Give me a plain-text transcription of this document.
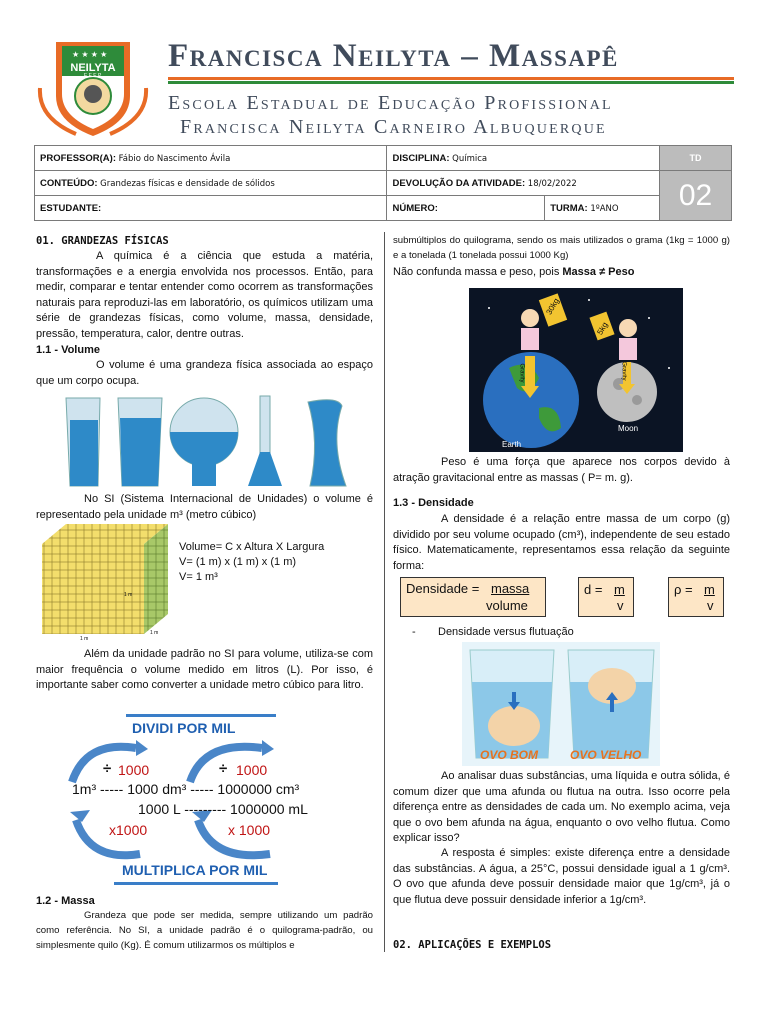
★ ★ ★ ★
NEILYTA
E.E.E.P.
Francisca Neilyta – Massapê
Escola Estadual de Educação Profissional
Francisca Neilyta Carneiro Albuquerque
PROFESSOR(A): Fábio do Nascimento Ávila	DISCIPLINA: Química		TD
CONTEÚDO: Grandezas físicas e densidade de sólidos	DEVOLUÇÃO DA ATIVIDADE: 18/02/2022		02
ESTUDANTE:	NÚMERO:	TURMA: 1ºANO	
01. GRANDEZAS FÍSICAS
A química é a ciência que estuda a matéria, transformações e a energia envolvida nos processos. Então, para medir, comparar e tentar entender como ocorrem as transformações naturais para reproduzi-las em laboratório, os químicos utilizam uma série de grandezas físicas, como volume, massa, densidade, pressão, temperatura, calor, dentre outras.
1.1 - Volume
O volume é uma grandeza física associada ao espaço que um corpo ocupa.
No SI (Sistema Internacional de Unidades) o volume é representado pela unidade m³ (metro cúbico)
1 m
1 m
1 m
Volume= C x Altura X Largura
V= (1 m) x (1 m) x (1 m)
V= 1 m³
Além da unidade padrão no SI para volume, utiliza-se com maior frequência o volume medido em litros (L). Por isso, é importante saber como converter a unidade metro cúbico para litro.
DIVIDI POR MIL
÷ 1000	÷ 1000
1m³ ----- 1000 dm³ ----- 1000000 cm³
1000 L --------- 1000000 mL
x1000	x 1000
MULTIPLICA POR MIL
1.2 - Massa
Grandeza que pode ser medida, sempre utilizando um padrão como referência. No SI, a unidade padrão é o quilograma-padrão, ou simplesmente quilo (Kg). É comum utilizarmos os múltiplos e
submúltiplos do quilograma, sendo os mais utilizados o grama (1kg = 1000 g) e a tonelada (1 tonelada possui 1000 Kg)
Não confunda massa e peso, pois Massa ≠ Peso
30kg
5kg
Gravity	Gravity
Earth
Moon
Peso é uma força que aparece nos corpos devido à atração gravitacional entre as massas ( P= m. g).
1.3 - Densidade
A densidade é a relação entre massa de um corpo (g) dividido por seu volume ocupado (cm³), independente de seu estado físico. Matematicamente, representamos essa relação da seguinte forma:
Densidade = massa
volume
d = m
v
ρ = m
v
- Densidade versus flutuação
OVO BOM	OVO VELHO
Ao analisar duas substâncias, uma líquida e outra sólida, é comum dizer que uma afunda ou flutua na outra. Isso ocorre pela diferença entre as densidades de cada um. No exemplo acima, veja que o ovo bem afunda na água, enquanto o ovo velho flutua. Como explicar isso?
A resposta é simples: existe diferença entre a densidade das substâncias. A água, a 25°C, possui densidade igual a 1 g/cm³. O ovo que afunda deve possuir densidade maior que 1g/cm³, já o que flutua deve possuir densidade inferior a 1g/cm³.
02. APLICAÇÕES E EXEMPLOS
